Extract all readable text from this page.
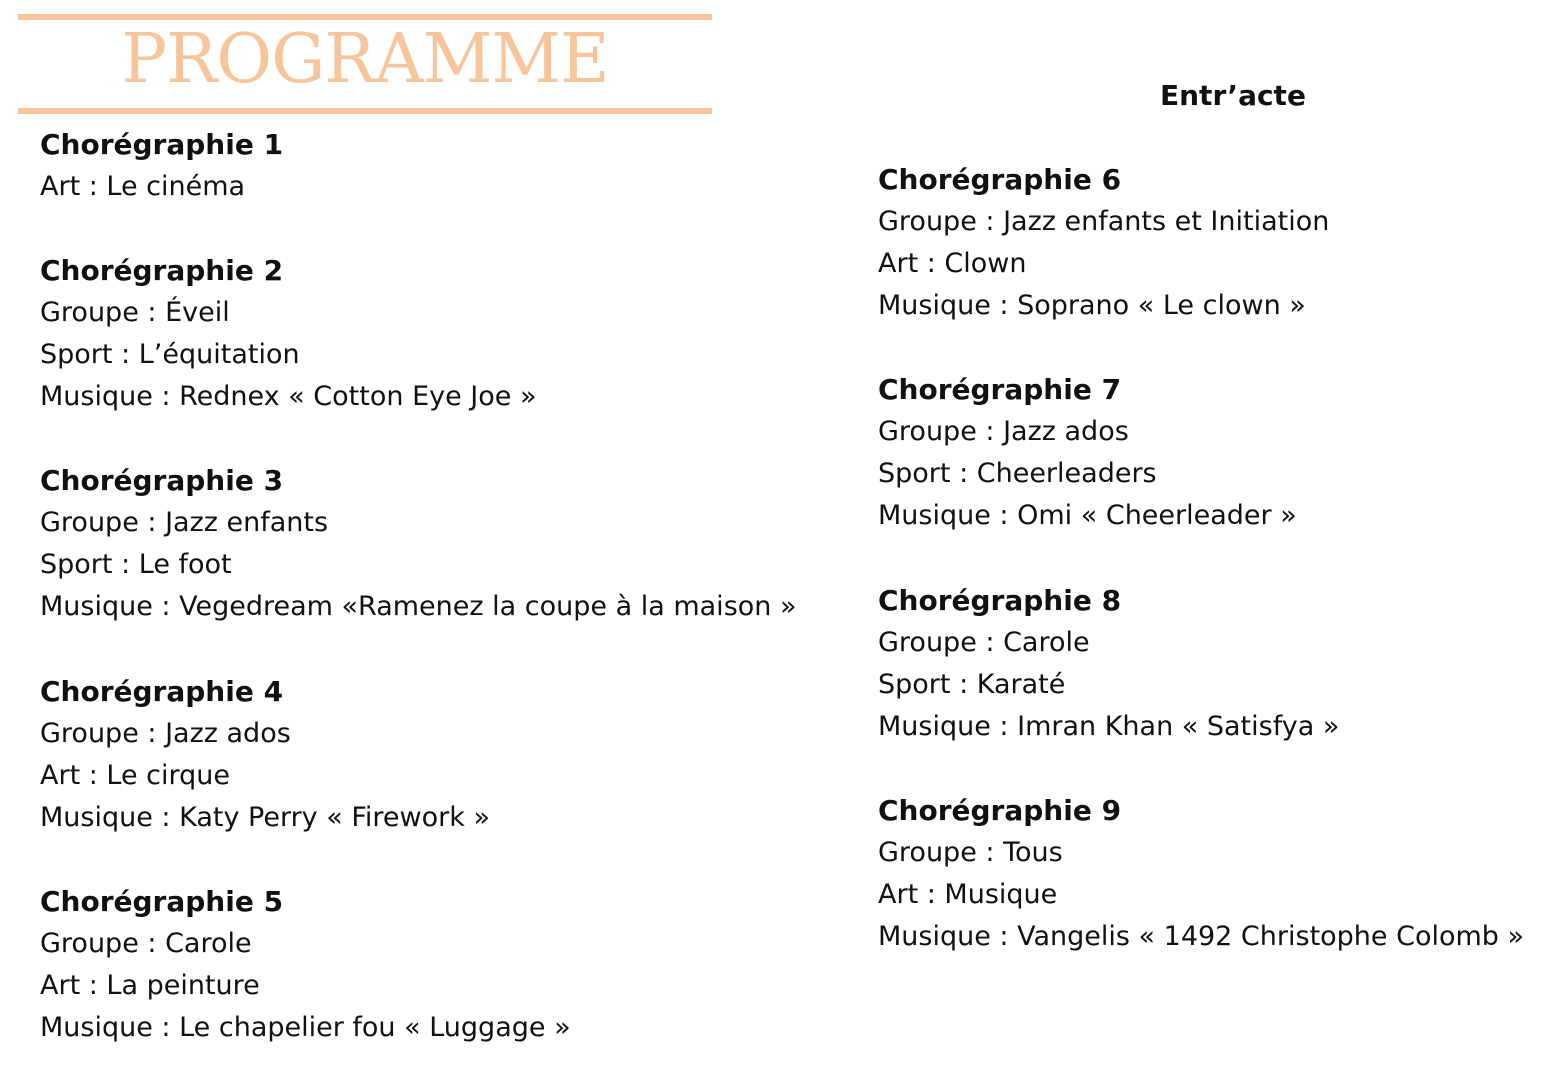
PROGRAMME	Entr’acte
Chorégraphie 1
Art : Le cinéma
Chorégraphie 2
Groupe : Éveil
Sport : L’équitation
Musique : Rednex « Cotton Eye Joe »
Chorégraphie 3
Groupe : Jazz enfants
Sport : Le foot
Musique : Vegedream «Ramenez la coupe à la maison »
Chorégraphie 4
Groupe : Jazz ados
Art : Le cirque
Musique : Katy Perry « Firework »
Chorégraphie 5
Groupe : Carole
Art : La peinture
Musique : Le chapelier fou « Luggage »
Chorégraphie 6
Groupe : Jazz enfants et Initiation
Art : Clown
Musique : Soprano « Le clown »
Chorégraphie 7
Groupe : Jazz ados
Sport : Cheerleaders
Musique : Omi « Cheerleader »
Chorégraphie 8
Groupe : Carole
Sport : Karaté
Musique : Imran Khan « Satisfya »
Chorégraphie 9
Groupe : Tous
Art : Musique
Musique : Vangelis « 1492 Christophe Colomb »
